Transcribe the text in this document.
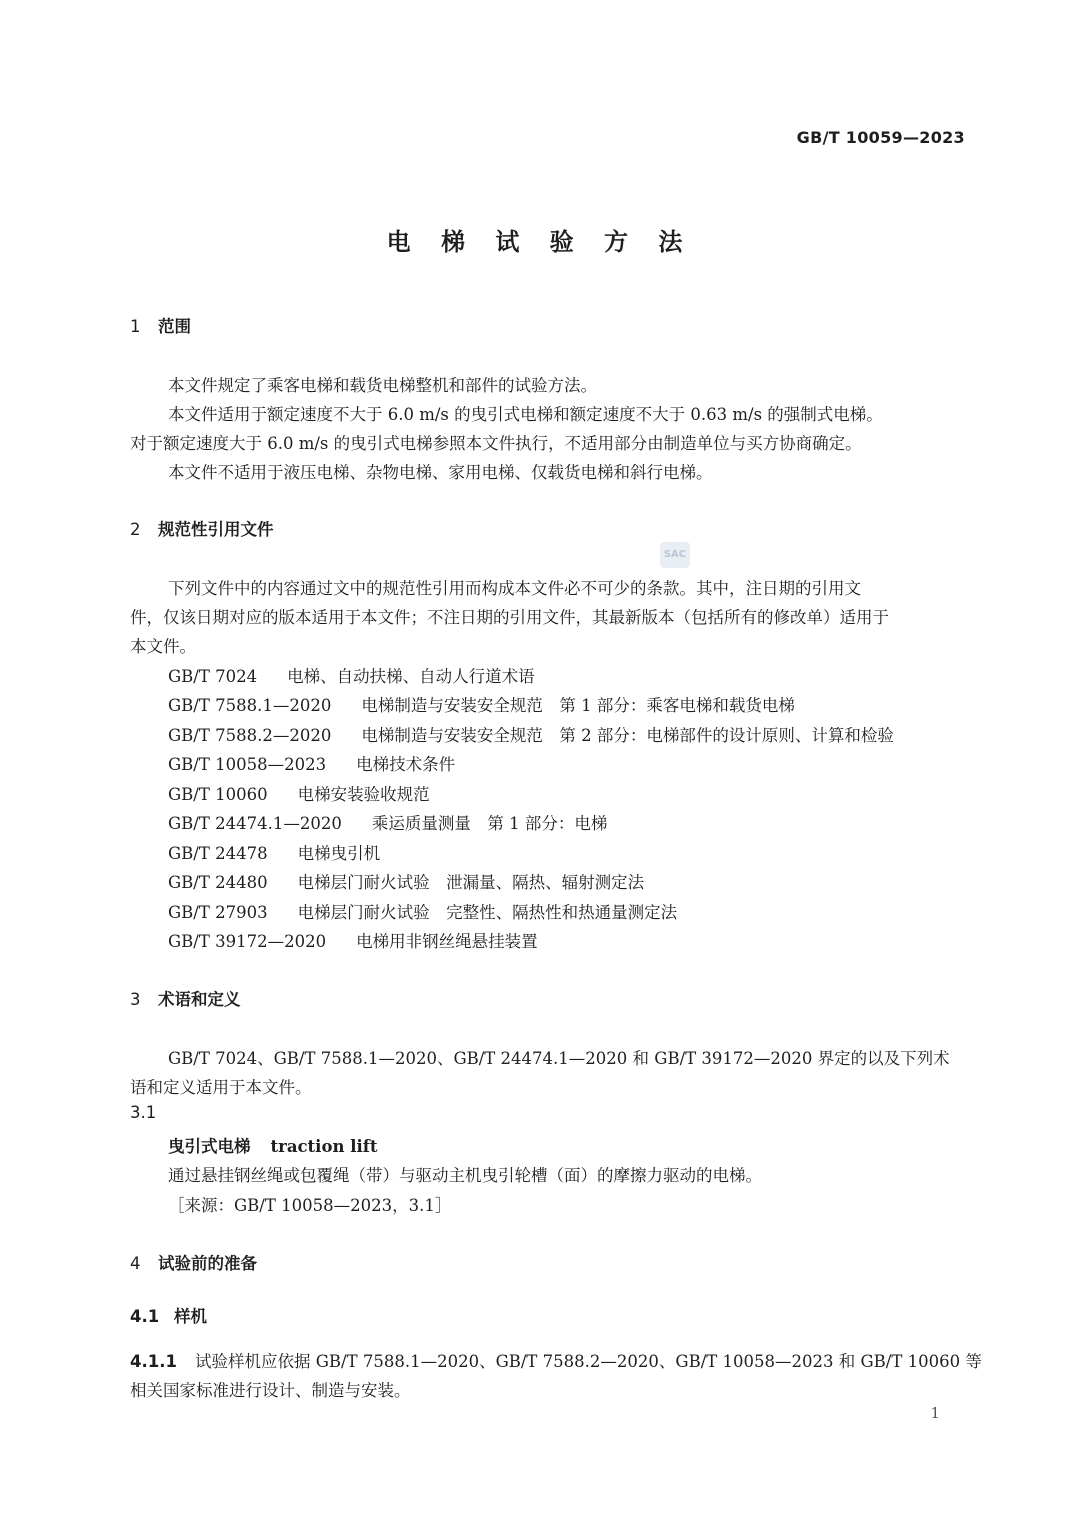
GB/T 10059—2023
电 梯 试 验 方 法
1 范围
本文件规定了乘客电梯和载货电梯整机和部件的试验方法。
本文件适用于额定速度不大于 6.0 m/s 的曳引式电梯和额定速度不大于 0.63 m/s 的强制式电梯。
对于额定速度大于 6.0 m/s 的曳引式电梯参照本文件执行，不适用部分由制造单位与买方协商确定。
本文件不适用于液压电梯、杂物电梯、家用电梯、仅载货电梯和斜行电梯。
2 规范性引用文件
SAC
下列文件中的内容通过文中的规范性引用而构成本文件必不可少的条款。其中，注日期的引用文
件，仅该日期对应的版本适用于本文件；不注日期的引用文件，其最新版本（包括所有的修改单）适用于
本文件。
GB/T 7024 电梯、自动扶梯、自动人行道术语
GB/T 7588.1—2020 电梯制造与安装安全规范　第 1 部分：乘客电梯和载货电梯
GB/T 7588.2—2020 电梯制造与安装安全规范　第 2 部分：电梯部件的设计原则、计算和检验
GB/T 10058—2023 电梯技术条件
GB/T 10060 电梯安装验收规范
GB/T 24474.1—2020 乘运质量测量　第 1 部分：电梯
GB/T 24478 电梯曳引机
GB/T 24480 电梯层门耐火试验　泄漏量、隔热、辐射测定法
GB/T 27903 电梯层门耐火试验　完整性、隔热性和热通量测定法
GB/T 39172—2020 电梯用非钢丝绳悬挂装置
3 术语和定义
GB/T 7024、GB/T 7588.1—2020、GB/T 24474.1—2020 和 GB/T 39172—2020 界定的以及下列术
语和定义适用于本文件。
3.1
曳引式电梯 traction lift
通过悬挂钢丝绳或包覆绳（带）与驱动主机曳引轮槽（面）的摩擦力驱动的电梯。
［来源：GB/T 10058—2023，3.1］
4 试验前的准备
4.1 样机
4.1.1 试验样机应依据 GB/T 7588.1—2020、GB/T 7588.2—2020、GB/T 10058—2023 和 GB/T 10060 等
相关国家标准进行设计、制造与安装。
1
